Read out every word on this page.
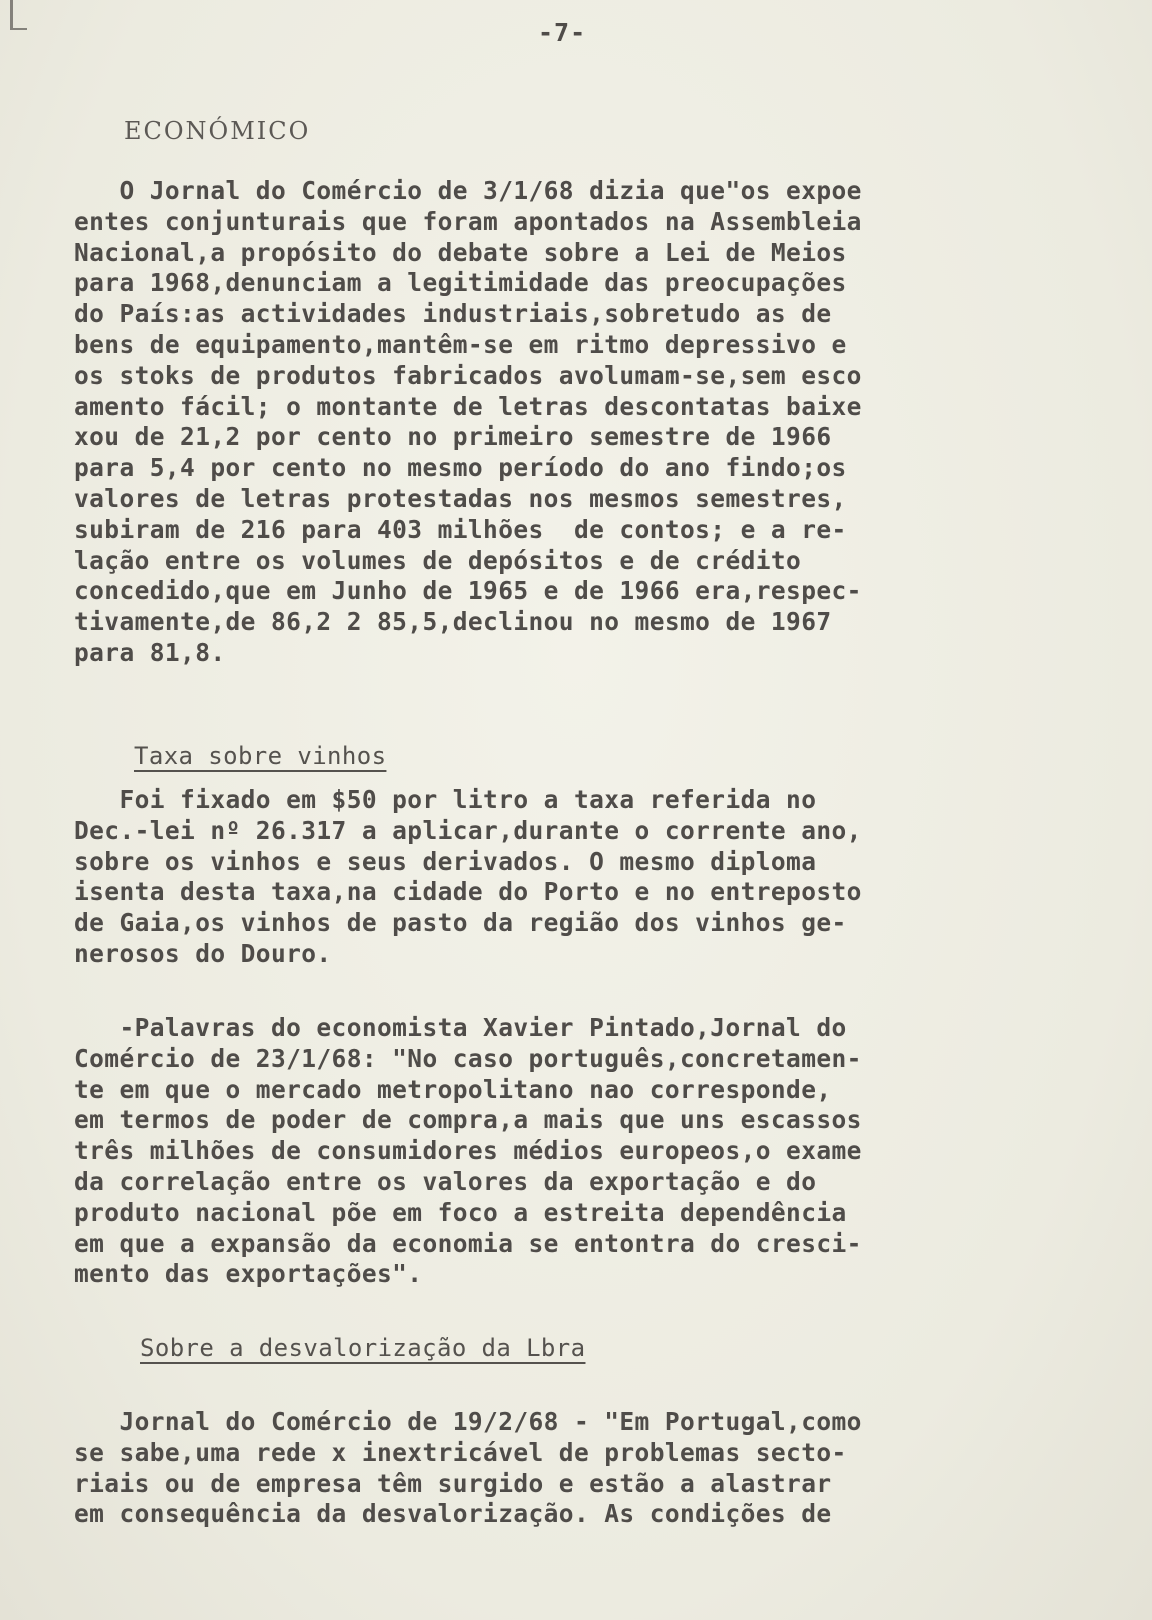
-7-
ECONÓMICO
O Jornal do Comércio de 3/1/68 dizia que"os expoe
entes conjunturais que foram apontados na Assembleia
Nacional,a propósito do debate sobre a Lei de Meios
para 1968,denunciam a legitimidade das preocupações
do País:as actividades industriais,sobretudo as de
bens de equipamento,mantêm-se em ritmo depressivo e
os stoks de produtos fabricados avolumam-se,sem esco
amento fácil; o montante de letras descontatas baixe
xou de 21,2 por cento no primeiro semestre de 1966
para 5,4 por cento no mesmo período do ano findo;os
valores de letras protestadas nos mesmos semestres,
subiram de 216 para 403 milhões  de contos; e a re-
lação entre os volumes de depósitos e de crédito
concedido,que em Junho de 1965 e de 1966 era,respec-
tivamente,de 86,2 2 85,5,declinou no mesmo de 1967
para 81,8.
Taxa sobre vinhos
Foi fixado em $50 por litro a taxa referida no
Dec.-lei nº 26.317 a aplicar,durante o corrente ano,
sobre os vinhos e seus derivados. O mesmo diploma
isenta desta taxa,na cidade do Porto e no entreposto
de Gaia,os vinhos de pasto da região dos vinhos ge-
nerosos do Douro.
-Palavras do economista Xavier Pintado,Jornal do
Comércio de 23/1/68: "No caso português,concretamen-
te em que o mercado metropolitano nao corresponde,
em termos de poder de compra,a mais que uns escassos
três milhões de consumidores médios europeos,o exame
da correlação entre os valores da exportação e do
produto nacional põe em foco a estreita dependência
em que a expansão da economia se entontra do cresci-
mento das exportações".
Sobre a desvalorização da Lbra
Jornal do Comércio de 19/2/68 - "Em Portugal,como
se sabe,uma rede x inextricável de problemas secto-
riais ou de empresa têm surgido e estão a alastrar
em consequência da desvalorização. As condições de
